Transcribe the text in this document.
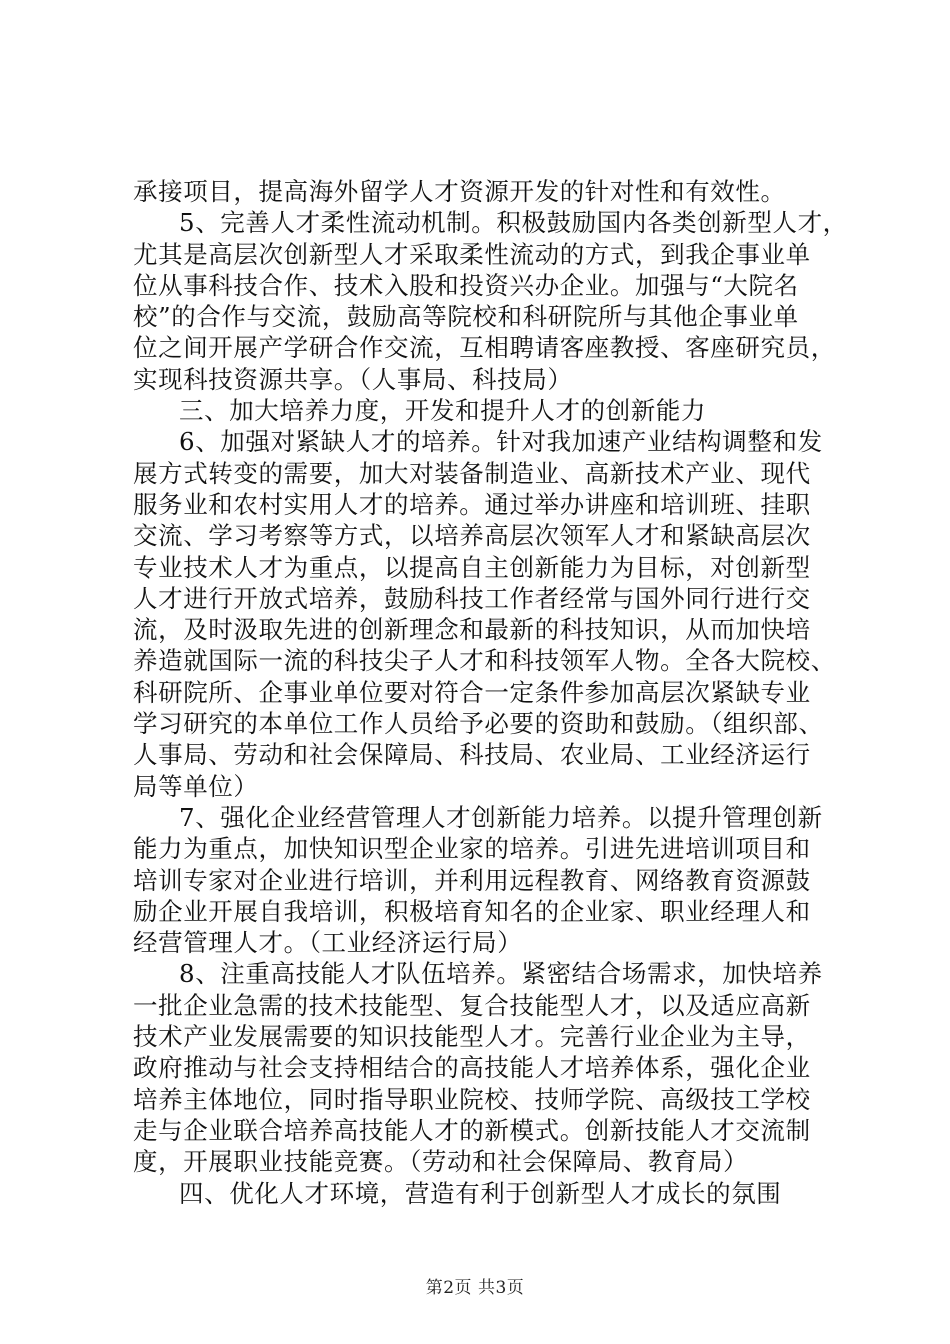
承接项目，提高海外留学人才资源开发的针对性和有效性。
5、完善人才柔性流动机制。积极鼓励国内各类创新型人才，
尤其是高层次创新型人才采取柔性流动的方式，到我企事业单
位从事科技合作、技术入股和投资兴办企业。加强与“大院名
校”的合作与交流，鼓励高等院校和科研院所与其他企事业单
位之间开展产学研合作交流，互相聘请客座教授、客座研究员，
实现科技资源共享。（人事局、科技局）
三、加大培养力度，开发和提升人才的创新能力
6、加强对紧缺人才的培养。针对我加速产业结构调整和发
展方式转变的需要，加大对装备制造业、高新技术产业、现代
服务业和农村实用人才的培养。通过举办讲座和培训班、挂职
交流、学习考察等方式，以培养高层次领军人才和紧缺高层次
专业技术人才为重点，以提高自主创新能力为目标，对创新型
人才进行开放式培养，鼓励科技工作者经常与国外同行进行交
流，及时汲取先进的创新理念和最新的科技知识，从而加快培
养造就国际一流的科技尖子人才和科技领军人物。全各大院校、
科研院所、企事业单位要对符合一定条件参加高层次紧缺专业
学习研究的本单位工作人员给予必要的资助和鼓励。（组织部、
人事局、劳动和社会保障局、科技局、农业局、工业经济运行
局等单位）
7、强化企业经营管理人才创新能力培养。以提升管理创新
能力为重点，加快知识型企业家的培养。引进先进培训项目和
培训专家对企业进行培训，并利用远程教育、网络教育资源鼓
励企业开展自我培训，积极培育知名的企业家、职业经理人和
经营管理人才。（工业经济运行局）
8、注重高技能人才队伍培养。紧密结合场需求，加快培养
一批企业急需的技术技能型、复合技能型人才，以及适应高新
技术产业发展需要的知识技能型人才。完善行业企业为主导，
政府推动与社会支持相结合的高技能人才培养体系，强化企业
培养主体地位，同时指导职业院校、技师学院、高级技工学校
走与企业联合培养高技能人才的新模式。创新技能人才交流制
度，开展职业技能竞赛。（劳动和社会保障局、教育局）
四、优化人才环境，营造有利于创新型人才成长的氛围
第2页 共3页
